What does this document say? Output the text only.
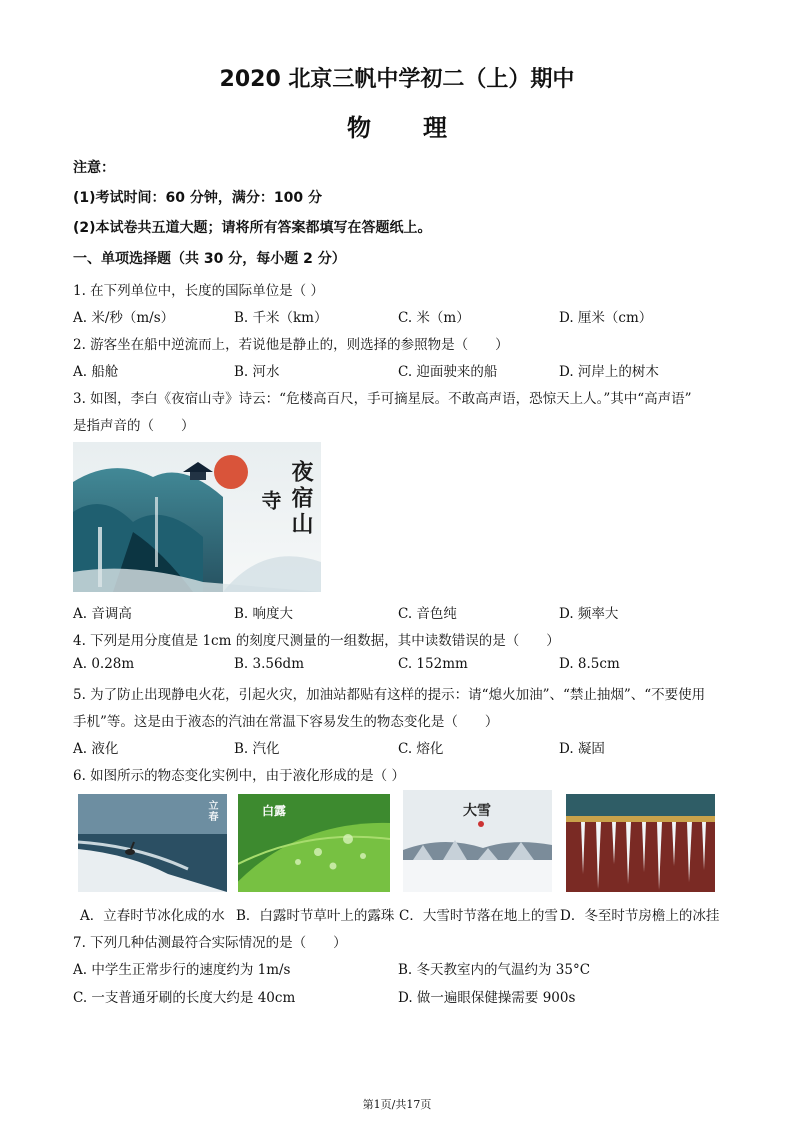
2020 北京三帆中学初二（上）期中
物理
注意：
(1)考试时间：60 分钟，满分：100 分
(2)本试卷共五道大题；请将所有答案都填写在答题纸上。
一、单项选择题（共 30 分，每小题 2 分）
1. 在下列单位中，长度的国际单位是（ ）
A. 米/秒（m/s）	B. 千米（km）	C. 米（m）	D. 厘米（cm）
2. 游客坐在船中逆流而上，若说他是静止的，则选择的参照物是（　　）
A. 船舱	B. 河水	C. 迎面驶来的船	D. 河岸上的树木
3. 如图，李白《夜宿山寺》诗云：“危楼高百尺，手可摘星辰。不敢高声语，恐惊天上人。”其中“高声语”
是指声音的（　　）
夜宿山
寺
A. 音调高	B. 响度大	C. 音色纯	D. 频率大
4. 下列是用分度值是 1cm 的刻度尺测量的一组数据，其中读数错误的是（　　）
A. 0.28m	B. 3.56dm	C. 152mm	D. 8.5cm
5. 为了防止出现静电火花，引起火灾，加油站都贴有这样的提示：请“熄火加油”、“禁止抽烟”、“不要使用
手机”等。这是由于液态的汽油在常温下容易发生的物态变化是（　　）
A. 液化	B. 汽化	C. 熔化	D. 凝固
6. 如图所示的物态变化实例中，由于液化形成的是（ ）
立春	白露	大雪
A．立春时节冰化成的水 B．白露时节草叶上的露珠 C．大雪时节落在地上的雪 D．冬至时节房檐上的冰挂
7. 下列几种估测最符合实际情况的是（　　）
A. 中学生正常步行的速度约为 1m/s	B. 冬天教室内的气温约为 35°C
C. 一支普通牙刷的长度大约是 40cm	D. 做一遍眼保健操需要 900s
第1页/共17页
